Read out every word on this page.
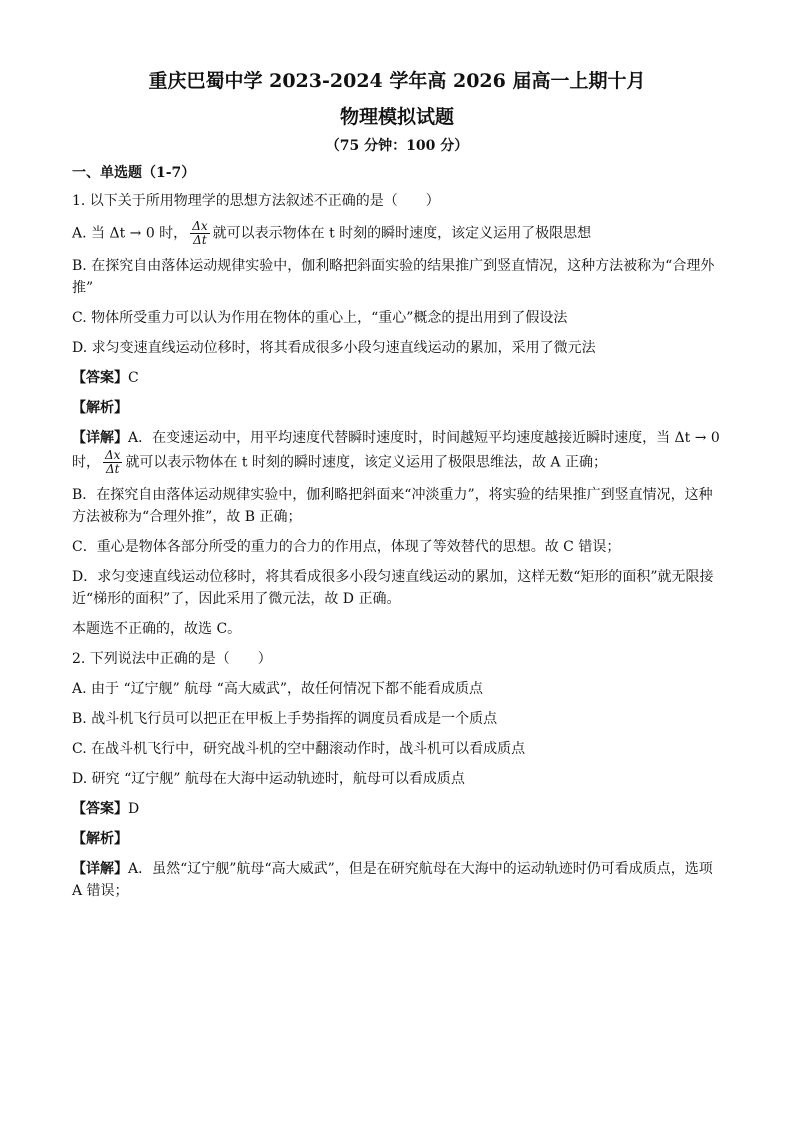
重庆巴蜀中学 2023-2024 学年高 2026 届高一上期十月
物理模拟试题
（75 分钟：100 分）
一、单选题（1-7）

1. 以下关于所用物理学的思想方法叙述不正确的是（　　）

A. 当 Δt → 0 时， $\frac{\Delta x}{\Delta t}$ 就可以表示物体在 t 时刻的瞬时速度，该定义运用了极限思想

B. 在探究自由落体运动规律实验中，伽利略把斜面实验的结果推广到竖直情况，这种方法被称为“合理外推”

C. 物体所受重力可以认为作用在物体的重心上，“重心”概念的提出用到了假设法

D. 求匀变速直线运动位移时，将其看成很多小段匀速直线运动的累加，采用了微元法

【答案】C

【解析】

【详解】A．在变速运动中，用平均速度代替瞬时速度时，时间越短平均速度越接近瞬时速度，当 Δt → 0 时， $\frac{\Delta x}{\Delta t}$ 就可以表示物体在 t 时刻的瞬时速度，该定义运用了极限思维法，故 A 正确；

B．在探究自由落体运动规律实验中，伽利略把斜面来“冲淡重力”，将实验的结果推广到竖直情况，这种方法被称为“合理外推”，故 B 正确；

C．重心是物体各部分所受的重力的合力的作用点，体现了等效替代的思想。故 C 错误；

D．求匀变速直线运动位移时，将其看成很多小段匀速直线运动的累加，这样无数“矩形的面积”就无限接近“梯形的面积”了，因此采用了微元法，故 D 正确。

本题选不正确的，故选 C。

2. 下列说法中正确的是（　　）

A. 由于 “辽宁舰” 航母 “高大威武”，故任何情况下都不能看成质点

B. 战斗机飞行员可以把正在甲板上手势指挥的调度员看成是一个质点

C. 在战斗机飞行中，研究战斗机的空中翻滚动作时，战斗机可以看成质点

D. 研究 “辽宁舰” 航母在大海中运动轨迹时，航母可以看成质点

【答案】D

【解析】

【详解】A．虽然“辽宁舰”航母“高大威武”，但是在研究航母在大海中的运动轨迹时仍可看成质点，选项 A 错误；
